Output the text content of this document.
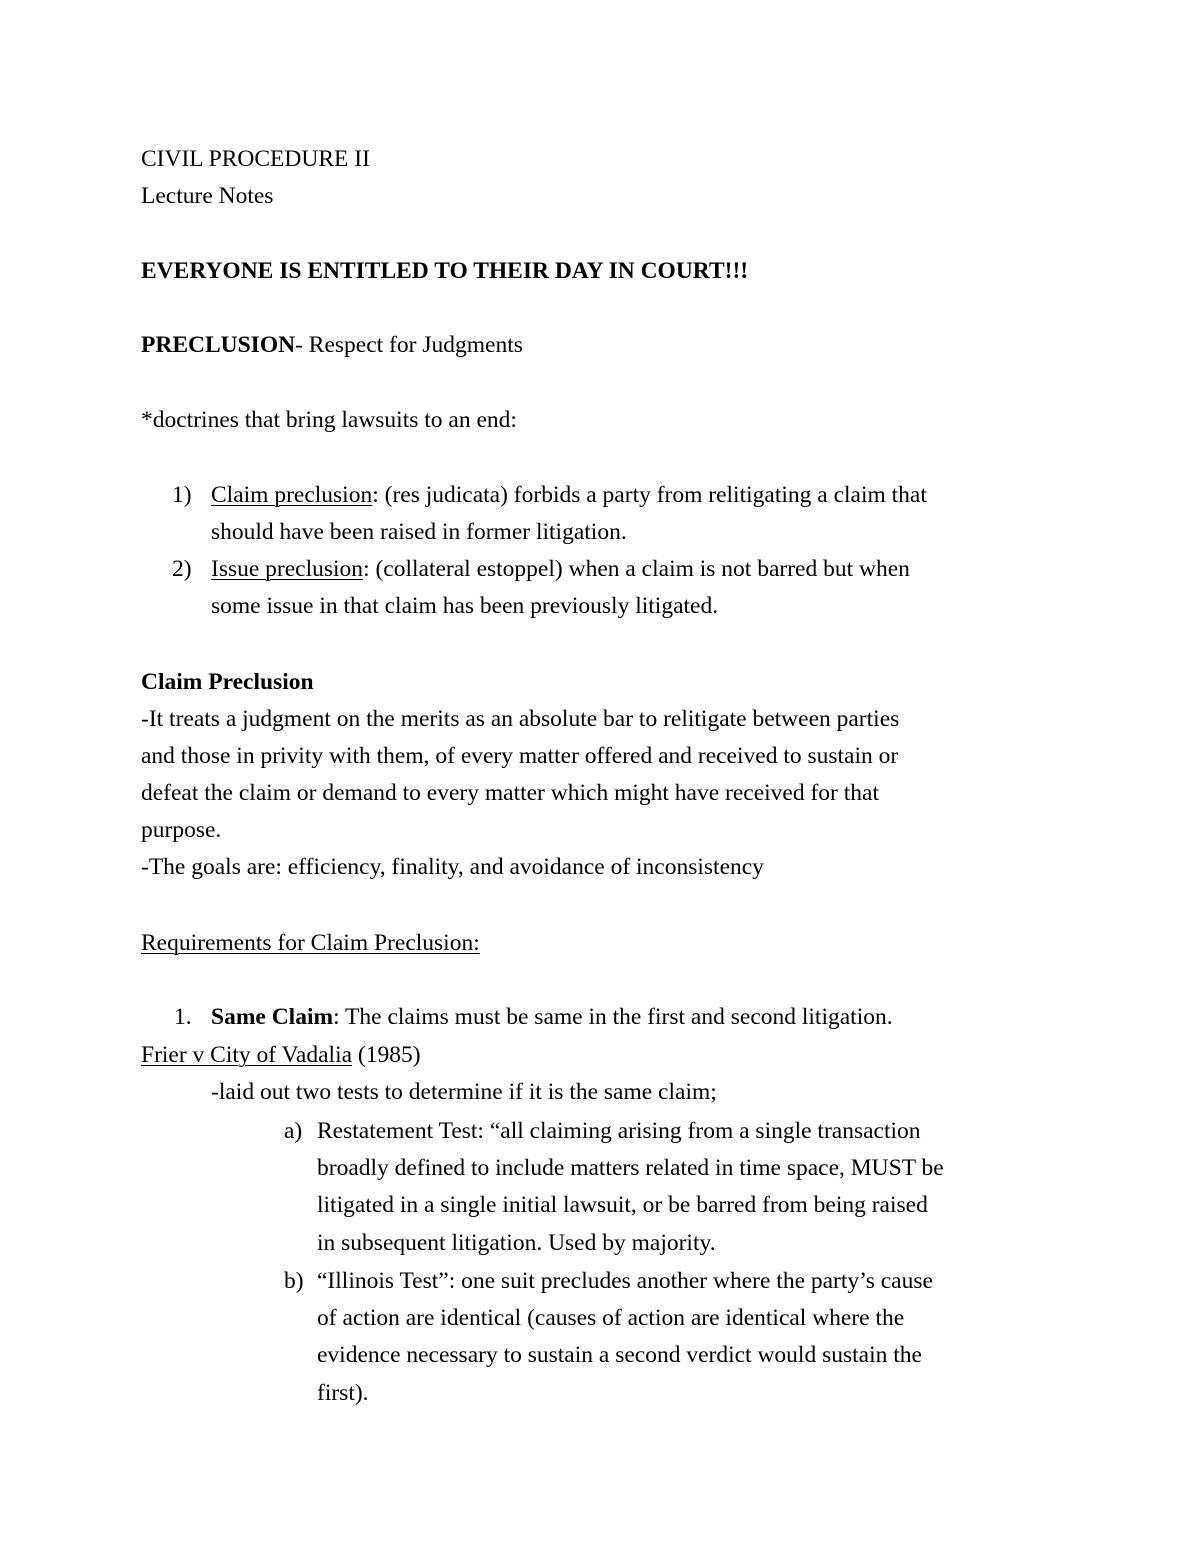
CIVIL PROCEDURE II
Lecture Notes
EVERYONE IS ENTITLED TO THEIR DAY IN COURT!!!
PRECLUSION- Respect for Judgments
*doctrines that bring lawsuits to an end:
1) Claim preclusion: (res judicata) forbids a party from relitigating a claim that
should have been raised in former litigation.
2) Issue preclusion: (collateral estoppel) when a claim is not barred but when
some issue in that claim has been previously litigated.
Claim Preclusion
-It treats a judgment on the merits as an absolute bar to relitigate between parties
and those in privity with them, of every matter offered and received to sustain or
defeat the claim or demand to every matter which might have received for that
purpose.
-The goals are: efficiency, finality, and avoidance of inconsistency
Requirements for Claim Preclusion:
1. Same Claim: The claims must be same in the first and second litigation.
Frier v City of Vadalia (1985)
-laid out two tests to determine if it is the same claim;
a) Restatement Test: “all claiming arising from a single transaction
broadly defined to include matters related in time space, MUST be
litigated in a single initial lawsuit, or be barred from being raised
in subsequent litigation. Used by majority.
b) “Illinois Test”: one suit precludes another where the party’s cause
of action are identical (causes of action are identical where the
evidence necessary to sustain a second verdict would sustain the
first).
